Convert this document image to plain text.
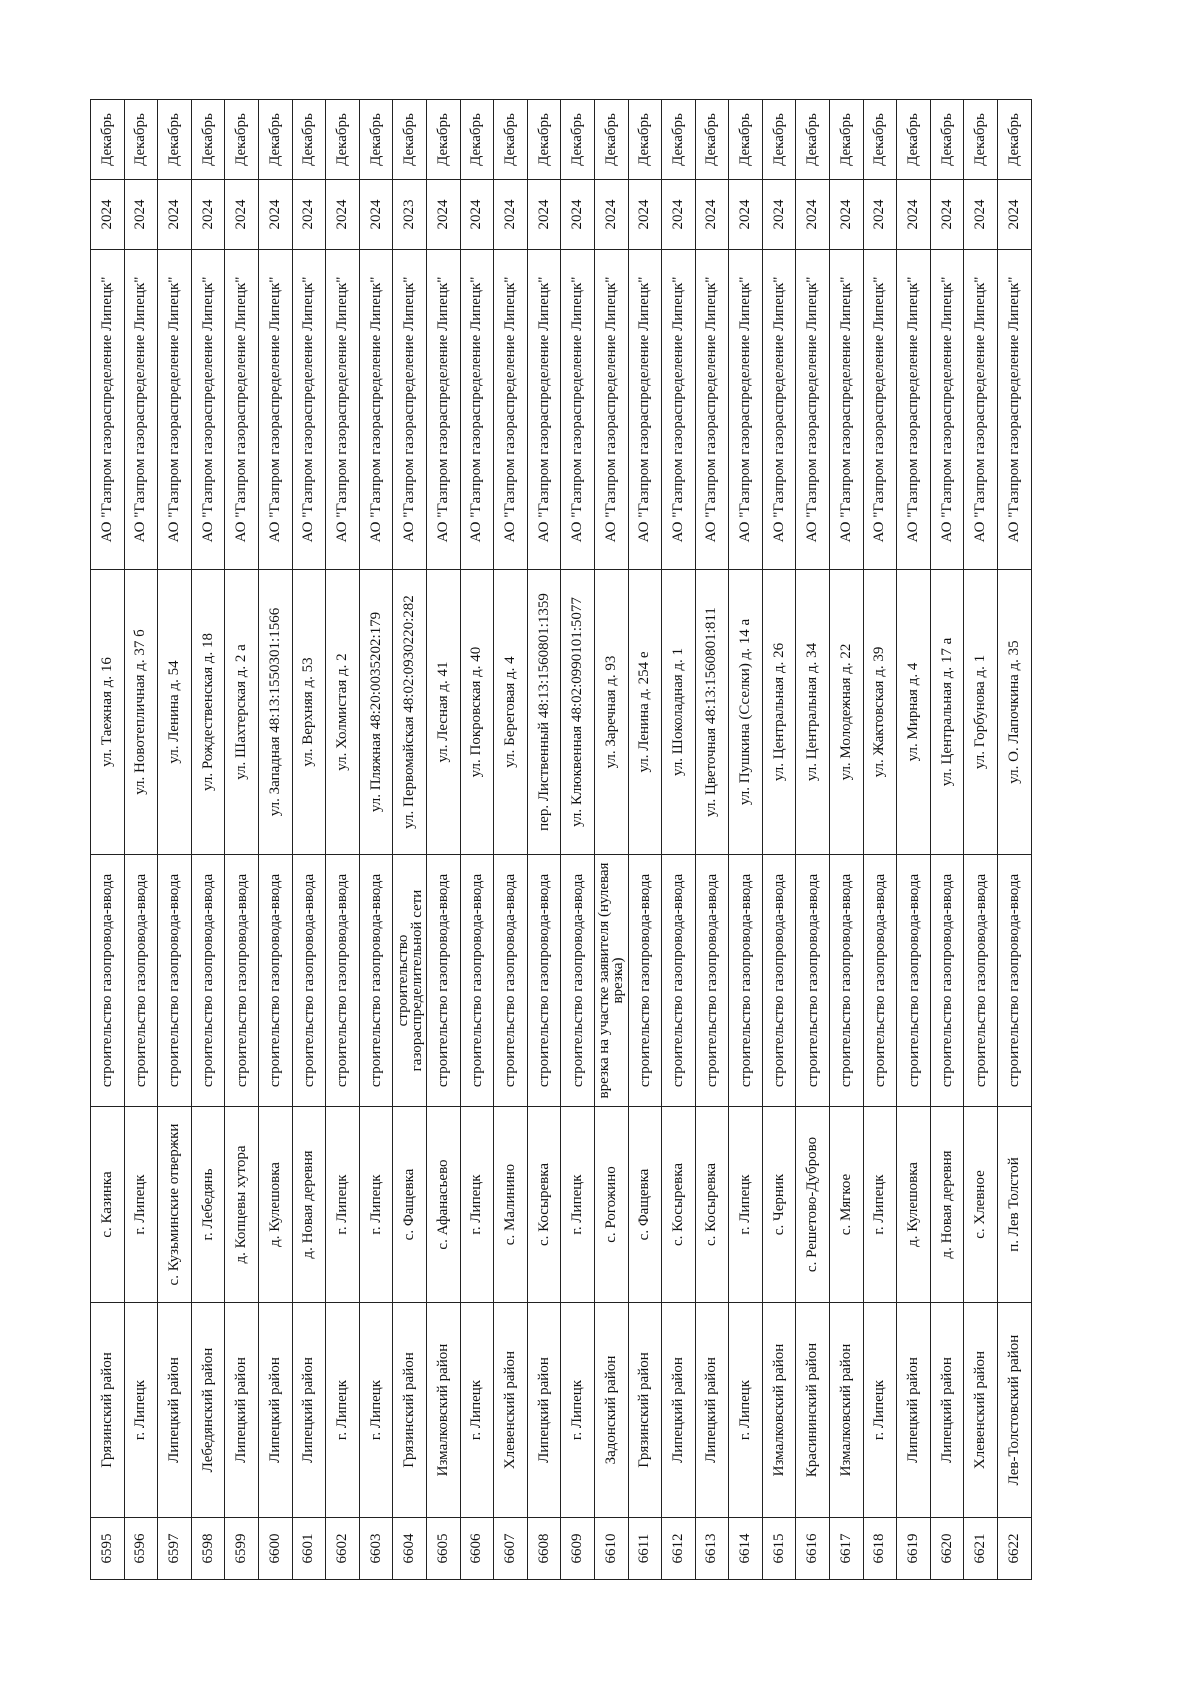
6595	Грязинский район	с. Казинка	строительство газопровода-ввода	ул. Таежная д. 16	АО "Газпром газораспределение Липецк"	2024	Декабрь
6596	г. Липецк	г. Липецк	строительство газопровода-ввода	ул. Новотепличная д. 37 б	АО "Газпром газораспределение Липецк"	2024	Декабрь
6597	Липецкий район	с. Кузьминские отвержки	строительство газопровода-ввода	ул. Ленина д. 54	АО "Газпром газораспределение Липецк"	2024	Декабрь
6598	Лебедянский район	г. Лебедянь	строительство газопровода-ввода	ул. Рождественская д. 18	АО "Газпром газораспределение Липецк"	2024	Декабрь
6599	Липецкий район	д. Копцевы хутора	строительство газопровода-ввода	ул. Шахтерская д. 2 а	АО "Газпром газораспределение Липецк"	2024	Декабрь
6600	Липецкий район	д. Кулешовка	строительство газопровода-ввода	ул. Западная 48:13:1550301:1566	АО "Газпром газораспределение Липецк"	2024	Декабрь
6601	Липецкий район	д. Новая деревня	строительство газопровода-ввода	ул. Верхняя д. 53	АО "Газпром газораспределение Липецк"	2024	Декабрь
6602	г. Липецк	г. Липецк	строительство газопровода-ввода	ул. Холмистая д. 2	АО "Газпром газораспределение Липецк"	2024	Декабрь
6603	г. Липецк	г. Липецк	строительство газопровода-ввода	ул. Пляжная 48:20:0035202:179	АО "Газпром газораспределение Липецк"	2024	Декабрь
6604	Грязинский район	с. Фащевка	строительство газораспределительной сети	ул. Первомайская 48:02:0930220:282	АО "Газпром газораспределение Липецк"	2023	Декабрь
6605	Измалковский район	с. Афанасьево	строительство газопровода-ввода	ул. Лесная д. 41	АО "Газпром газораспределение Липецк"	2024	Декабрь
6606	г. Липецк	г. Липецк	строительство газопровода-ввода	ул. Покровская д. 40	АО "Газпром газораспределение Липецк"	2024	Декабрь
6607	Хлевенский район	с. Малинино	строительство газопровода-ввода	ул. Береговая д. 4	АО "Газпром газораспределение Липецк"	2024	Декабрь
6608	Липецкий район	с. Косыревка	строительство газопровода-ввода	пер. Лиственный 48:13:1560801:1359	АО "Газпром газораспределение Липецк"	2024	Декабрь
6609	г. Липецк	г. Липецк	строительство газопровода-ввода	ул. Клюквенная 48:02:0990101:5077	АО "Газпром газораспределение Липецк"	2024	Декабрь
6610	Задонский район	с. Рогожино	врезка на участке заявителя (нулевая врезка)	ул. Заречная д. 93	АО "Газпром газораспределение Липецк"	2024	Декабрь
6611	Грязинский район	с. Фащевка	строительство газопровода-ввода	ул. Ленина д. 254 е	АО "Газпром газораспределение Липецк"	2024	Декабрь
6612	Липецкий район	с. Косыревка	строительство газопровода-ввода	ул. Шоколадная д. 1	АО "Газпром газораспределение Липецк"	2024	Декабрь
6613	Липецкий район	с. Косыревка	строительство газопровода-ввода	ул. Цветочная 48:13:1560801:811	АО "Газпром газораспределение Липецк"	2024	Декабрь
6614	г. Липецк	г. Липецк	строительство газопровода-ввода	ул. Пушкина (Сселки) д. 14 а	АО "Газпром газораспределение Липецк"	2024	Декабрь
6615	Измалковский район	с. Черник	строительство газопровода-ввода	ул. Центральная д. 26	АО "Газпром газораспределение Липецк"	2024	Декабрь
6616	Красининский район	с. Решетово-Дуброво	строительство газопровода-ввода	ул. Центральная д. 34	АО "Газпром газораспределение Липецк"	2024	Декабрь
6617	Измалковский район	с. Мягкое	строительство газопровода-ввода	ул. Молодежная д. 22	АО "Газпром газораспределение Липецк"	2024	Декабрь
6618	г. Липецк	г. Липецк	строительство газопровода-ввода	ул. Жактовская д. 39	АО "Газпром газораспределение Липецк"	2024	Декабрь
6619	Липецкий район	д. Кулешовка	строительство газопровода-ввода	ул. Мирная д. 4	АО "Газпром газораспределение Липецк"	2024	Декабрь
6620	Липецкий район	д. Новая деревня	строительство газопровода-ввода	ул. Центральная д. 17 а	АО "Газпром газораспределение Липецк"	2024	Декабрь
6621	Хлевенский район	с. Хлевное	строительство газопровода-ввода	ул. Горбунова д. 1	АО "Газпром газораспределение Липецк"	2024	Декабрь
6622	Лев-Толстовский район	п. Лев Толстой	строительство газопровода-ввода	ул. О. Лапочкина д. 35	АО "Газпром газораспределение Липецк"	2024	Декабрь
